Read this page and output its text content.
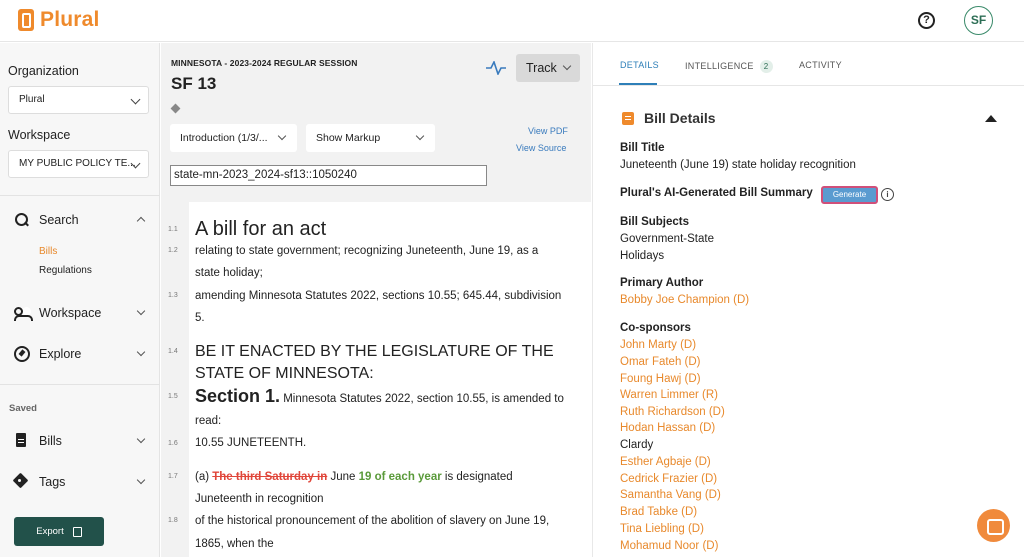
Plural	?	SF
Organization
Plural
Workspace
MY PUBLIC POLICY TE...
Search
Bills
Regulations
Workspace
Explore
Saved
Bills
Tags
Export
MINNESOTA - 2023-2024 REGULAR SESSION
SF 13
Track
Introduction (1/3/...	Show Markup
View PDF
View Source
state-mn-2023_2024-sf13::1050240
1.1 A bill for an act
1.2 relating to state government; recognizing Juneteenth, June 19, as a
state holiday;
1.3 amending Minnesota Statutes 2022, sections 10.55; 645.44, subdivision
5.
1.4 BE IT ENACTED BY THE LEGISLATURE OF THE
STATE OF MINNESOTA:
1.5 Section 1. Minnesota Statutes 2022, section 10.55, is amended to
read:
1.6 10.55 JUNETEENTH.
1.7 (a) The third Saturday in June 19 of each year is designated
Juneteenth in recognition
1.8 of the historical pronouncement of the abolition of slavery on June 19,
1865, when the
DETAILS	INTELLIGENCE 2	ACTIVITY
Bill Details
Bill Title
Juneteenth (June 19) state holiday recognition
Plural's AI-Generated Bill Summary	Generate	i
Bill Subjects
Government-State
Holidays
Primary Author
Bobby Joe Champion (D)
Co-sponsors
John Marty (D)
Omar Fateh (D)
Foung Hawj (D)
Warren Limmer (R)
Ruth Richardson (D)
Hodan Hassan (D)
Clardy
Esther Agbaje (D)
Cedrick Frazier (D)
Samantha Vang (D)
Brad Tabke (D)
Tina Liebling (D)
Mohamud Noor (D)
